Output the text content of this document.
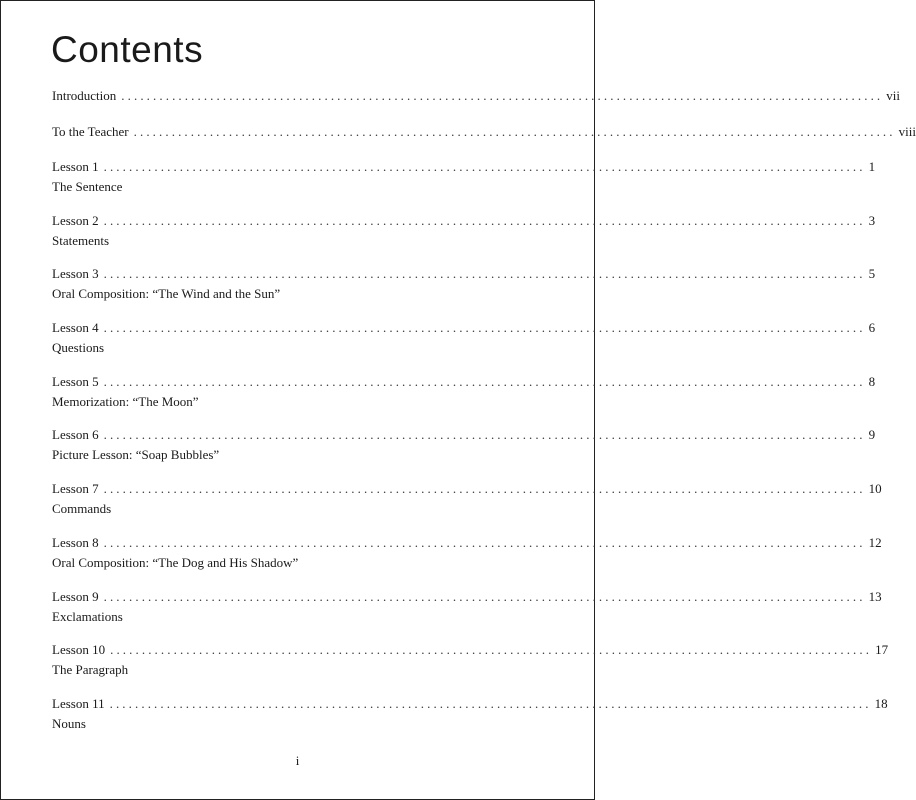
Contents
Introduction ........................................................................................................................ vii
To the Teacher ........................................................................................................................ viii
Lesson 1 ........................................................................................................................ 1
The Sentence
Lesson 2 ........................................................................................................................ 3
Statements
Lesson 3 ........................................................................................................................ 5
Oral Composition: “The Wind and the Sun”
Lesson 4 ........................................................................................................................ 6
Questions
Lesson 5 ........................................................................................................................ 8
Memorization: “The Moon”
Lesson 6 ........................................................................................................................ 9
Picture Lesson: “Soap Bubbles”
Lesson 7 ........................................................................................................................ 10
Commands
Lesson 8 ........................................................................................................................ 12
Oral Composition: “The Dog and His Shadow”
Lesson 9 ........................................................................................................................ 13
Exclamations
Lesson 10 ........................................................................................................................ 17
The Paragraph
Lesson 11 ........................................................................................................................ 18
Nouns
i
